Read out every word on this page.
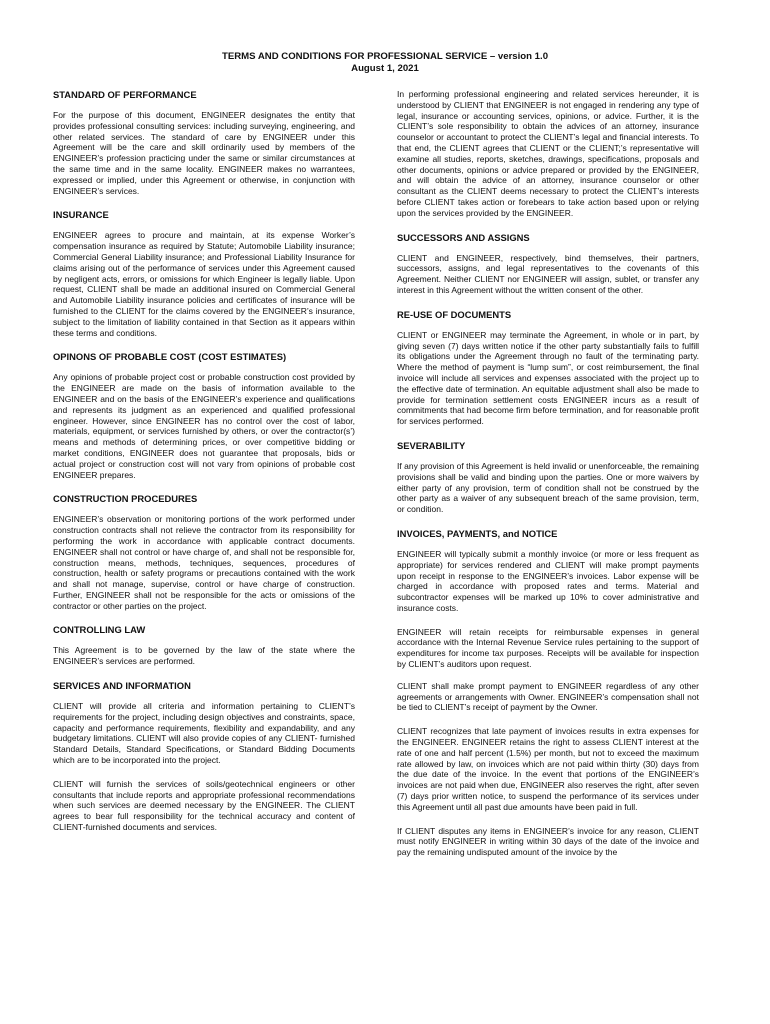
TERMS AND CONDITIONS FOR PROFESSIONAL SERVICE – version 1.0
August 1, 2021
STANDARD OF PERFORMANCE

For the purpose of this document, ENGINEER designates the entity that provides professional consulting services: including surveying, engineering, and other related services. The standard of care by ENGINEER under this Agreement will be the care and skill ordinarily used by members of the ENGINEER’s profession practicing under the same or similar circumstances at the same time and in the same locality. ENGINEER makes no warrantees, expressed or implied, under this Agreement or otherwise, in conjunction with ENGINEER’s services.

INSURANCE

ENGINEER agrees to procure and maintain, at its expense Worker’s compensation insurance as required by Statute; Automobile Liability insurance; Commercial General Liability insurance; and Professional Liability Insurance for claims arising out of the performance of services under this Agreement caused by negligent acts, errors, or omissions for which Engineer is legally liable. Upon request, CLIENT shall be made an additional insured on Commercial General and Automobile Liability insurance policies and certificates of insurance will be furnished to the CLIENT for the claims covered by the ENGINEER’s insurance, subject to the limitation of liability contained in that Section as it appears within these terms and conditions.

OPINONS OF PROBABLE COST (COST ESTIMATES)

Any opinions of probable project cost or probable construction cost provided by the ENGINEER are made on the basis of information available to the ENGINEER and on the basis of the ENGINEER’s experience and qualifications and represents its judgment as an experienced and qualified professional engineer. However, since ENGINEER has no control over the cost of labor, materials, equipment, or services furnished by others, or over the contractor(s’) means and methods of determining prices, or over competitive bidding or market conditions, ENGINEER does not guarantee that proposals, bids or actual project or construction cost will not vary from opinions of probable cost ENGINEER prepares.

CONSTRUCTION PROCEDURES

ENGINEER’s observation or monitoring portions of the work performed under construction contracts shall not relieve the contractor from its responsibility for performing the work in accordance with applicable contract documents. ENGINEER shall not control or have charge of, and shall not be responsible for, construction means, methods, techniques, sequences, procedures of construction, health or safety programs or precautions contained with the work and shall not manage, supervise, control or have charge of construction. Further, ENGINEER shall not be responsible for the acts or omissions of the contractor or other parties on the project.

CONTROLLING LAW

This Agreement is to be governed by the law of the state where the ENGINEER’s services are performed.

SERVICES AND INFORMATION

CLIENT will provide all criteria and information pertaining to CLIENT’s requirements for the project, including design objectives and constraints, space, capacity and performance requirements, flexibility and expandability, and any budgetary limitations. CLIENT will also provide copies of any CLIENT- furnished Standard Details, Standard Specifications, or Standard Bidding Documents which are to be incorporated into the project.

CLIENT will furnish the services of soils/geotechnical engineers or other consultants that include reports and appropriate professional recommendations when such services are deemed necessary by the ENGINEER. The CLIENT agrees to bear full responsibility for the technical accuracy and content of CLIENT-furnished documents and services.

In performing professional engineering and related services hereunder, it is understood by CLIENT that ENGINEER is not engaged in rendering any type of legal, insurance or accounting services, opinions, or advice. Further, it is the CLIENT’s sole responsibility to obtain the advices of an attorney, insurance counselor or accountant to protect the CLIENT’s legal and financial interests. To that end, the CLIENT agrees that CLIENT or the CLIENT;’s representative will examine all studies, reports, sketches, drawings, specifications, proposals and other documents, opinions or advice prepared or provided by the ENGINEER, and will obtain the advice of an attorney, insurance counselor or other consultant as the CLIENT deems necessary to protect the CLIENT’s interests before CLIENT takes action or forebears to take action based upon or relying upon the services provided by the ENGINEER.

SUCCESSORS AND ASSIGNS

CLIENT and ENGINEER, respectively, bind themselves, their partners, successors, assigns, and legal representatives to the covenants of this Agreement. Neither CLIENT nor ENGINEER will assign, sublet, or transfer any interest in this Agreement without the written consent of the other.

RE-USE OF DOCUMENTS

CLIENT or ENGINEER may terminate the Agreement, in whole or in part, by giving seven (7) days written notice if the other party substantially fails to fulfill its obligations under the Agreement through no fault of the terminating party. Where the method of payment is “lump sum”, or cost reimbursement, the final invoice will include all services and expenses associated with the project up to the effective date of termination. An equitable adjustment shall also be made to provide for termination settlement costs ENGINEER incurs as a result of commitments that had become firm before termination, and for reasonable profit for services performed.

SEVERABILITY

If any provision of this Agreement is held invalid or unenforceable, the remaining provisions shall be valid and binding upon the parties. One or more waivers by either party of any provision, term of condition shall not be construed by the other party as a waiver of any subsequent breach of the same provision, term, or condition.

INVOICES, PAYMENTS, and NOTICE

ENGINEER will typically submit a monthly invoice (or more or less frequent as appropriate) for services rendered and CLIENT will make prompt payments upon receipt in response to the ENGINEER’s invoices. Labor expense will be charged in accordance with proposed rates and terms. Material and subcontractor expenses will be marked up 10% to cover administrative and insurance costs.

ENGINEER will retain receipts for reimbursable expenses in general accordance with the Internal Revenue Service rules pertaining to the support of expenditures for income tax purposes. Receipts will be available for inspection by CLIENT’s auditors upon request.

CLIENT shall make prompt payment to ENGINEER regardless of any other agreements or arrangements with Owner. ENGINEER’s compensation shall not be tied to CLIENT’s receipt of payment by the Owner.

CLIENT recognizes that late payment of invoices results in extra expenses for the ENGINEER. ENGINEER retains the right to assess CLIENT interest at the rate of one and half percent (1.5%) per month, but not to exceed the maximum rate allowed by law, on invoices which are not paid within thirty (30) days from the due date of the invoice. In the event that portions of the ENGINEER’s invoices are not paid when due, ENGINEER also reserves the right, after seven (7) days prior written notice, to suspend the performance of its services under this Agreement until all past due amounts have been paid in full.

If CLIENT disputes any items in ENGINEER’s invoice for any reason, CLIENT must notify ENGINEER in writing within 30 days of the date of the invoice and pay the remaining undisputed amount of the invoice by the
